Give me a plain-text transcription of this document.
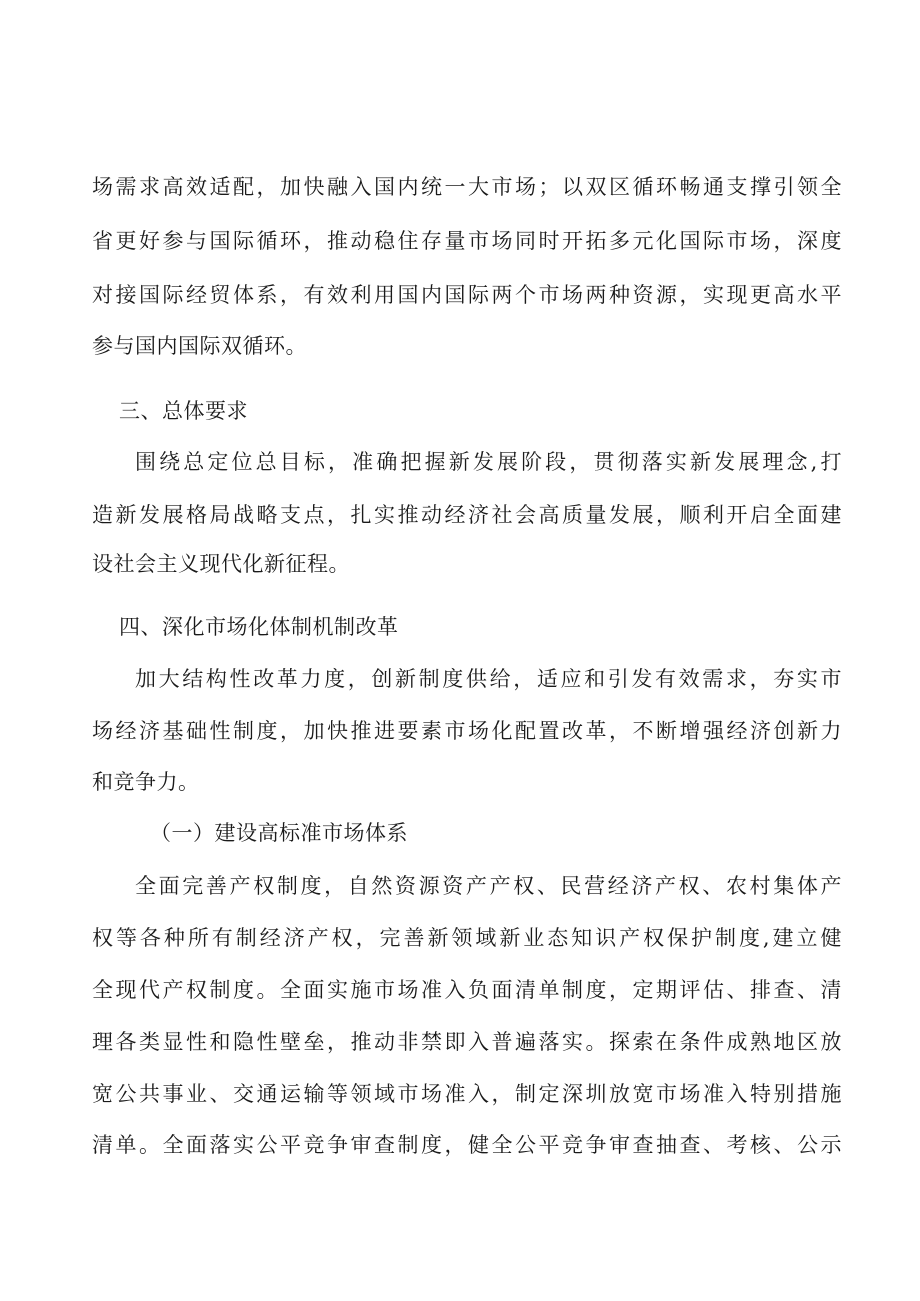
场需求高效适配，加快融入国内统一大市场；以双区循环畅通支撑引领全
省更好参与国际循环，推动稳住存量市场同时开拓多元化国际市场，深度
对接国际经贸体系，有效利用国内国际两个市场两种资源，实现更高水平
参与国内国际双循环。
三、总体要求
围绕总定位总目标，准确把握新发展阶段，贯彻落实新发展理念,打
造新发展格局战略支点，扎实推动经济社会高质量发展，顺利开启全面建
设社会主义现代化新征程。
四、深化市场化体制机制改革
加大结构性改革力度，创新制度供给，适应和引发有效需求，夯实市
场经济基础性制度，加快推进要素市场化配置改革，不断增强经济创新力
和竞争力。
（一）建设高标准市场体系
全面完善产权制度，自然资源资产产权、民营经济产权、农村集体产
权等各种所有制经济产权，完善新领域新业态知识产权保护制度,建立健
全现代产权制度。全面实施市场准入负面清单制度，定期评估、排查、清
理各类显性和隐性壁垒，推动非禁即入普遍落实。探索在条件成熟地区放
宽公共事业、交通运输等领域市场准入，制定深圳放宽市场准入特别措施
清单。全面落实公平竞争审查制度，健全公平竞争审查抽查、考核、公示
